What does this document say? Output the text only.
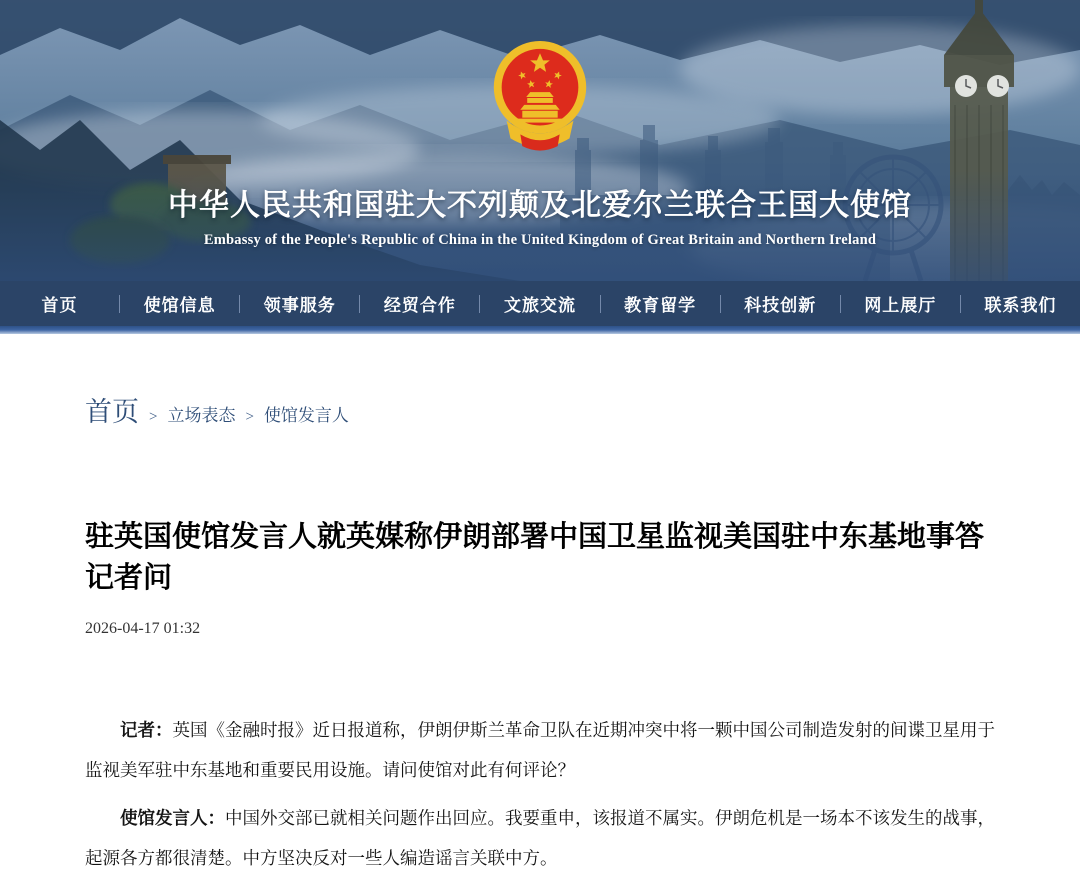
中华人民共和国驻大不列颠及北爱尔兰联合王国大使馆
Embassy of the People's Republic of China in the United Kingdom of Great Britain and Northern Ireland
首页	使馆信息	领事服务	经贸合作	文旅交流	教育留学	科技创新	网上展厅	联系我们
首页 > 立场表态 > 使馆发言人
驻英国使馆发言人就英媒称伊朗部署中国卫星监视美国驻中东基地事答记者问
2026-04-17 01:32

记者：英国《金融时报》近日报道称，伊朗伊斯兰革命卫队在近期冲突中将一颗中国公司制造发射的间谍卫星用于监视美军驻中东基地和重要民用设施。请问使馆对此有何评论？

使馆发言人：中国外交部已就相关问题作出回应。我要重申，该报道不属实。伊朗危机是一场本不该发生的战事，起源各方都很清楚。中方坚决反对一些人编造谣言关联中方。
